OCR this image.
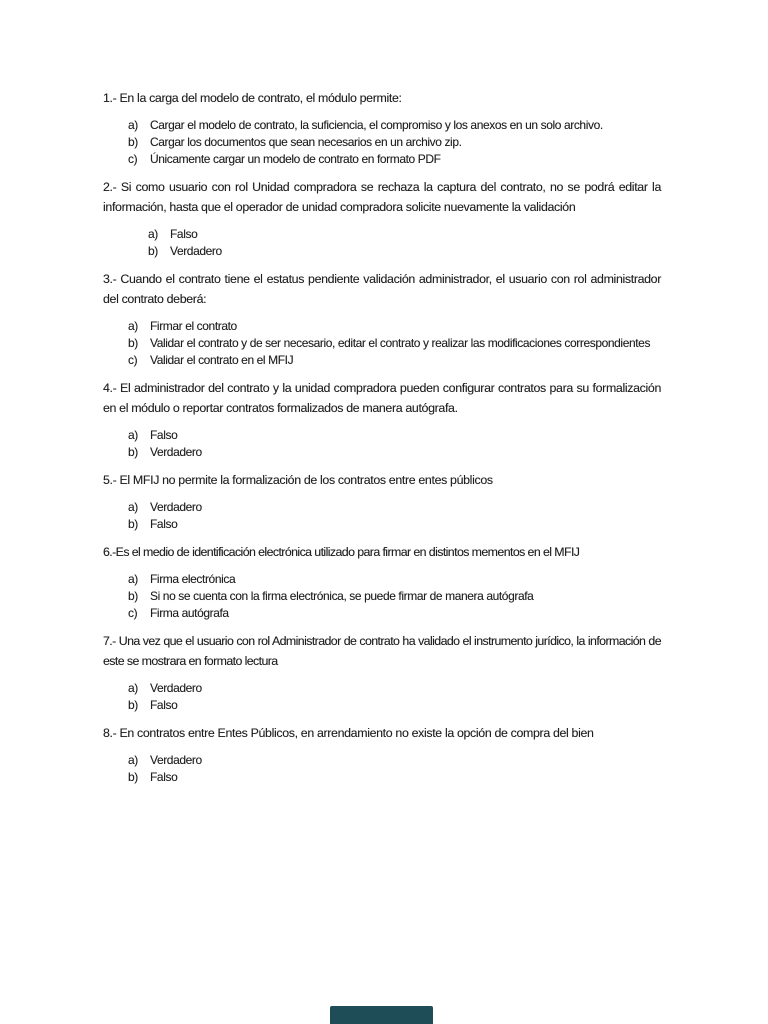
1.- En la carga del modelo de contrato, el módulo permite:

a)	Cargar el modelo de contrato, la suficiencia, el compromiso y los anexos en un solo archivo.
b)	Cargar los documentos que sean necesarios en un archivo zip.
c)	Únicamente cargar un modelo de contrato en formato PDF

2.- Si como usuario con rol Unidad compradora se rechaza la captura del contrato, no se podrá editar la información, hasta que el operador de unidad compradora solicite nuevamente la validación

a)	Falso
b)	Verdadero

3.- Cuando el contrato tiene el estatus pendiente validación administrador, el usuario con rol administrador del contrato deberá:

a)	Firmar el contrato
b)	Validar el contrato y de ser necesario, editar el contrato y realizar las modificaciones correspondientes
c)	Validar el contrato en el MFIJ

4.- El administrador del contrato y la unidad compradora pueden configurar contratos para su formalización en el módulo o reportar contratos formalizados de manera autógrafa.

a)	Falso
b)	Verdadero

5.- El MFIJ no permite la formalización de los contratos entre entes públicos

a)	Verdadero
b)	Falso

6.-Es el medio de identificación electrónica utilizado para firmar en distintos mementos en el MFIJ

a)	Firma electrónica
b)	Si no se cuenta con la firma electrónica, se puede firmar de manera autógrafa
c)	Firma autógrafa

7.- Una vez que el usuario con rol Administrador de contrato ha validado el instrumento jurídico, la información de este se mostrara en formato lectura

a)	Verdadero
b)	Falso

8.- En contratos entre Entes Públicos, en arrendamiento no existe la opción de compra del bien

a)	Verdadero
b)	Falso
